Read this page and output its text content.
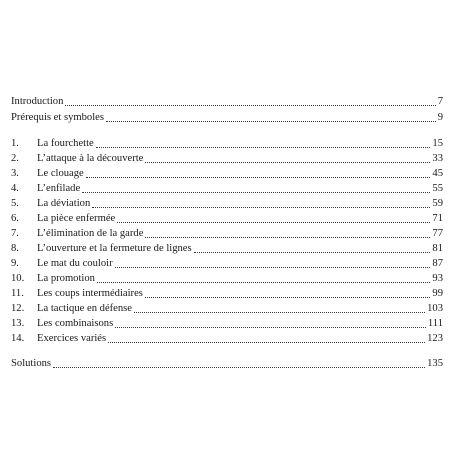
Introduction	7
Prérequis et symboles	9
1.	La fourchette	15
2.	L’attaque à la découverte	33
3.	Le clouage	45
4.	L’enfilade	55
5.	La déviation	59
6.	La pièce enfermée	71
7.	L’élimination de la garde	77
8.	L’ouverture et la fermeture de lignes	81
9.	Le mat du couloir	87
10.	La promotion	93
11.	Les coups intermédiaires	99
12.	La tactique en défense	103
13.	Les combinaisons	111
14.	Exercices variés	123
Solutions	135
